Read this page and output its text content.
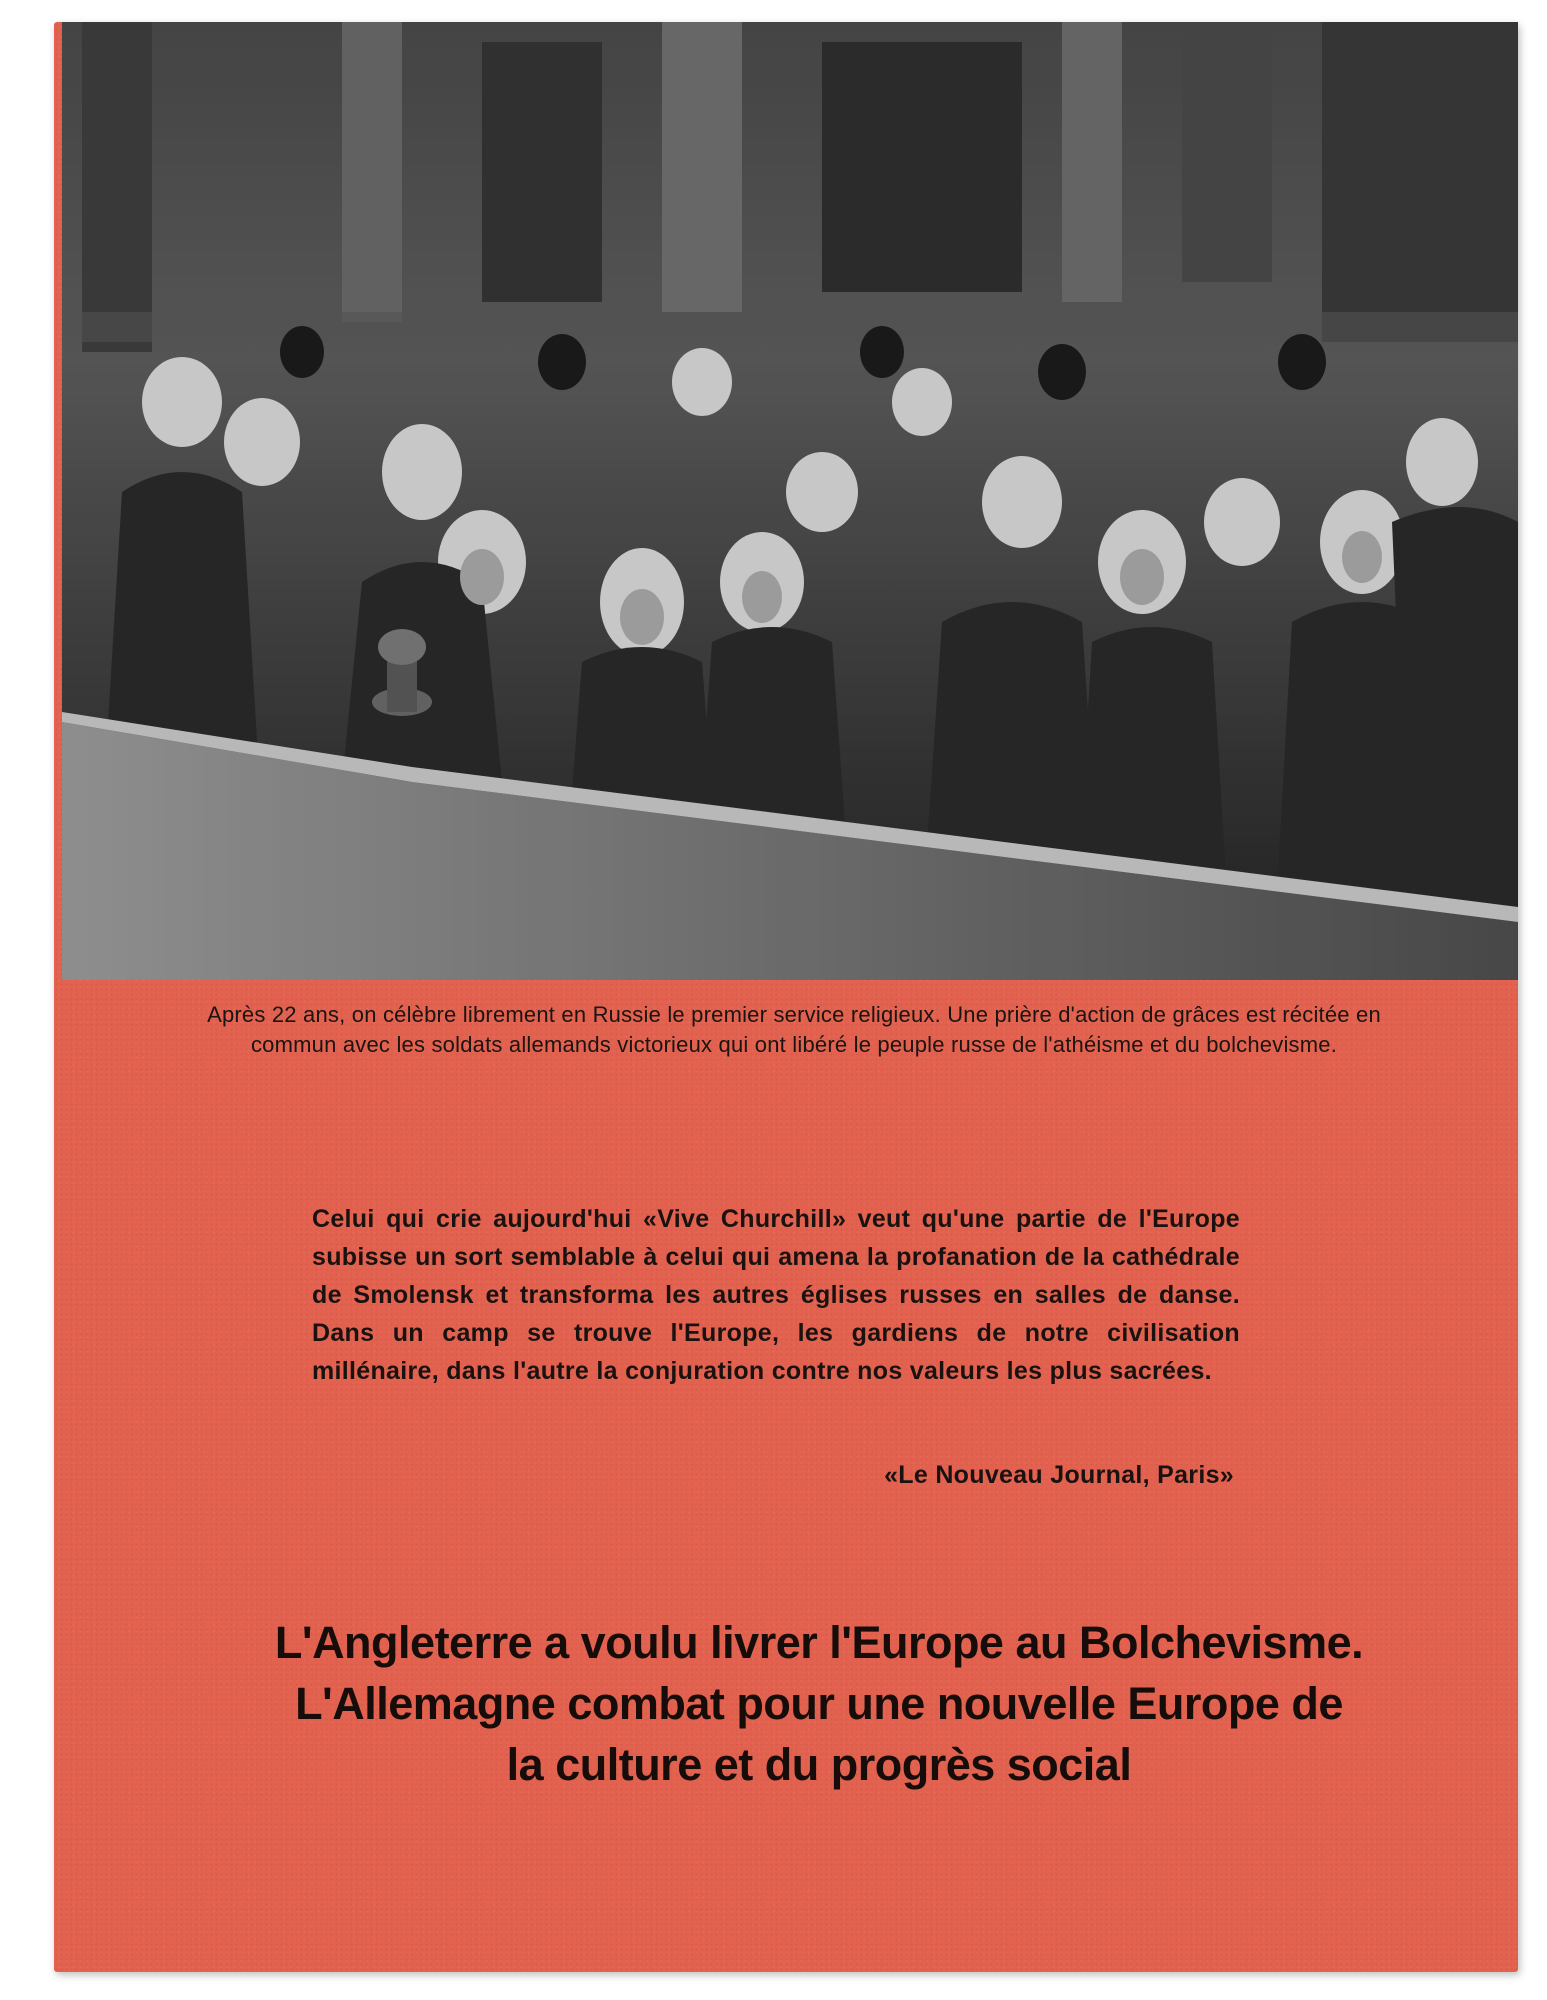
Après 22 ans, on célèbre librement en Russie le premier service religieux. Une prière d'action de grâces est récitée en commun avec les soldats allemands victorieux qui ont libéré le peuple russe de l'athéisme et du bolchevisme.
Celui qui crie aujourd'hui «Vive Churchill» veut qu'une partie de l'Europe subisse un sort semblable à celui qui amena la profanation de la cathédrale de Smolensk et transforma les autres églises russes en salles de danse. Dans un camp se trouve l'Europe, les gardiens de notre civilisation millénaire, dans l'autre la conjuration contre nos valeurs les plus sacrées.
«Le Nouveau Journal, Paris»
L'Angleterre a voulu livrer l'Europe au Bolchevisme.
L'Allemagne combat pour une nouvelle Europe de
la culture et du progrès social
